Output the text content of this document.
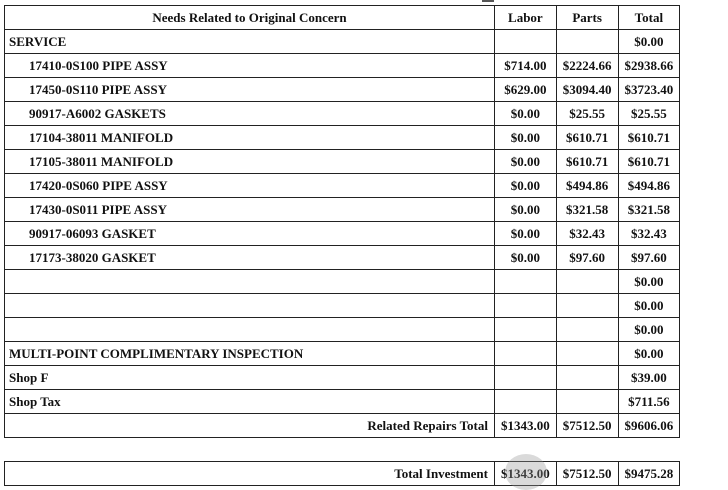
Needs Related to Original Concern	Labor	Parts	Total
SERVICE			$0.00
17410-0S100 PIPE ASSY	$714.00	$2224.66	$2938.66
17450-0S110 PIPE ASSY	$629.00	$3094.40	$3723.40
90917-A6002 GASKETS	$0.00	$25.55	$25.55
17104-38011 MANIFOLD	$0.00	$610.71	$610.71
17105-38011 MANIFOLD	$0.00	$610.71	$610.71
17420-0S060 PIPE ASSY	$0.00	$494.86	$494.86
17430-0S011 PIPE ASSY	$0.00	$321.58	$321.58
90917-06093 GASKET	$0.00	$32.43	$32.43
17173-38020 GASKET	$0.00	$97.60	$97.60
			$0.00
			$0.00
			$0.00
MULTI-POINT COMPLIMENTARY INSPECTION			$0.00
Shop F			$39.00
Shop Tax			$711.56
Related Repairs Total	$1343.00	$7512.50	$9606.06
Total Investment	$1343.00	$7512.50	$9475.28
